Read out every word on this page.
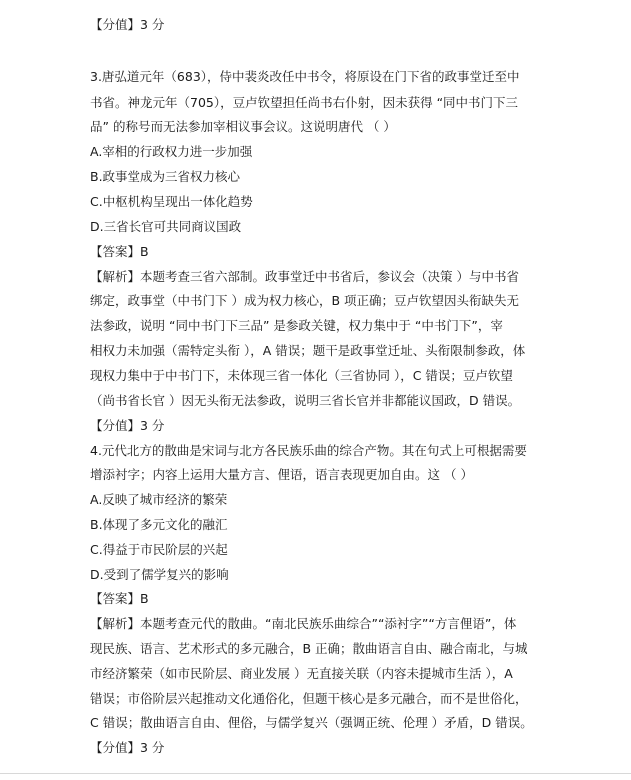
【分值】3 分
3.唐弘道元年（683），侍中裴炎改任中书令，将原设在门下省的政事堂迁至中
书省。神龙元年（705），豆卢钦望担任尚书右仆射，因未获得 “同中书门下三
品” 的称号而无法参加宰相议事会议。这说明唐代 （ ）
A.宰相的行政权力进一步加强
B.政事堂成为三省权力核心
C.中枢机构呈现出一体化趋势
D.三省长官可共同商议国政
【答案】B
【解析】本题考查三省六部制。政事堂迁中书省后，参议会（决策 ）与中书省
绑定，政事堂（中书门下 ）成为权力核心，B 项正确；豆卢钦望因头衔缺失无
法参政，说明 “同中书门下三品” 是参政关键，权力集中于 “中书门下”，宰
相权力未加强（需特定头衔 ），A 错误；题干是政事堂迁址、头衔限制参政，体
现权力集中于中书门下，未体现三省一体化（三省协同 ），C 错误；豆卢钦望
（尚书省长官 ）因无头衔无法参政，说明三省长官并非都能议国政，D 错误。
【分值】3 分
4.元代北方的散曲是宋词与北方各民族乐曲的综合产物。其在句式上可根据需要
增添衬字；内容上运用大量方言、俚语，语言表现更加自由。这 （ ）
A.反映了城市经济的繁荣
B.体现了多元文化的融汇
C.得益于市民阶层的兴起
D.受到了儒学复兴的影响
【答案】B
【解析】本题考查元代的散曲。“南北民族乐曲综合”“添衬字”“方言俚语”，体
现民族、语言、艺术形式的多元融合，B 正确；散曲语言自由、融合南北，与城
市经济繁荣（如市民阶层、商业发展 ）无直接关联（内容未提城市生活 ），A
错误；市俗阶层兴起推动文化通俗化，但题干核心是多元融合，而不是世俗化，
C 错误；散曲语言自由、俚俗，与儒学复兴（强调正统、伦理 ）矛盾，D 错误。
【分值】3 分
